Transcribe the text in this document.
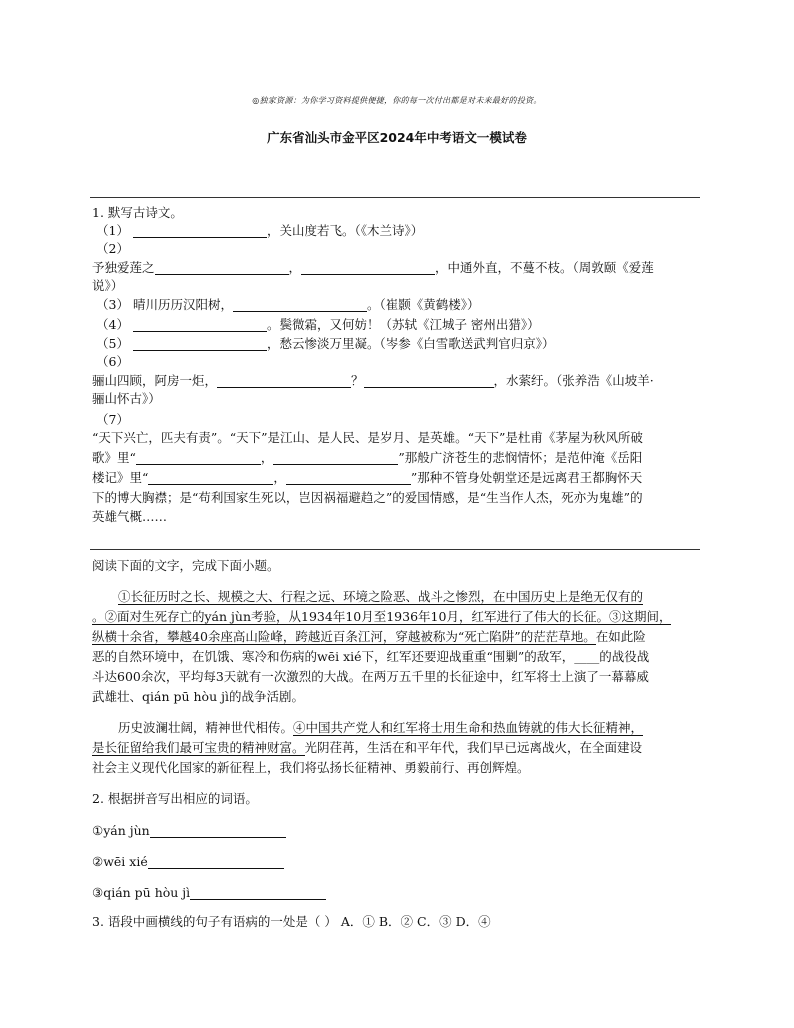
◎独家资源：为你学习资料提供便捷，你的每一次付出都是对未来最好的投资。
广东省汕头市金平区2024年中考语文一模试卷
1. 默写古诗文。
（1）	，关山度若飞。（《木兰诗》）
（2）
予独爱莲之	，	，中通外直，不蔓不枝。（周敦颐《爱莲
说》）
（3） 晴川历历汉阳树，	。（崔颢《黄鹤楼》）
（4）	。鬓微霜，又何妨！（苏轼《江城子 密州出猎》）
（5）	，愁云惨淡万里凝。（岑参《白雪歌送武判官归京》）
（6）
骊山四顾，阿房一炬，	？	，水萦纡。（张养浩《山坡羊·
骊山怀古》）
（7）
“天下兴亡，匹夫有责”。“天下”是江山、是人民、是岁月、是英雄。“天下”是杜甫《茅屋为秋风所破
歌》里“	，	”那般广济苍生的悲悯情怀；是范仲淹《岳阳
楼记》里“	，	”那种不管身处朝堂还是远离君王都胸怀天
下的博大胸襟；是“苟利国家生死以，岂因祸福避趋之”的爱国情感，是“生当作人杰，死亦为鬼雄”的
英雄气概……
阅读下面的文字，完成下面小题。
①长征历时之长、规模之大、行程之远、环境之险恶、战斗之惨烈，在中国历史上是绝无仅有的
。②面对生死存亡的yán jùn考验，从1934年10月至1936年10月，红军进行了伟大的长征。③这期间，
纵横十余省，攀越40余座高山险峰，跨越近百条江河，穿越被称为“死亡陷阱”的茫茫草地。在如此险
恶的自然环境中，在饥饿、寒冷和伤病的wēi xié下，红军还要迎战重重“围剿”的敌军，____的战役战
斗达600余次，平均每3天就有一次激烈的大战。在两万五千里的长征途中，红军将士上演了一幕幕威
武雄壮、qián pū hòu jì的战争活剧。
历史波澜壮阔，精神世代相传。④中国共产党人和红军将士用生命和热血铸就的伟大长征精神，
是长征留给我们最可宝贵的精神财富。光阴荏苒，生活在和平年代，我们早已远离战火，在全面建设
社会主义现代化国家的新征程上，我们将弘扬长征精神、勇毅前行、再创辉煌。
2. 根据拼音写出相应的词语。
①yán jùn
②wēi xié
③qián pū hòu jì
3. 语段中画横线的句子有语病的一处是（ ） A．① B．② C．③ D．④
